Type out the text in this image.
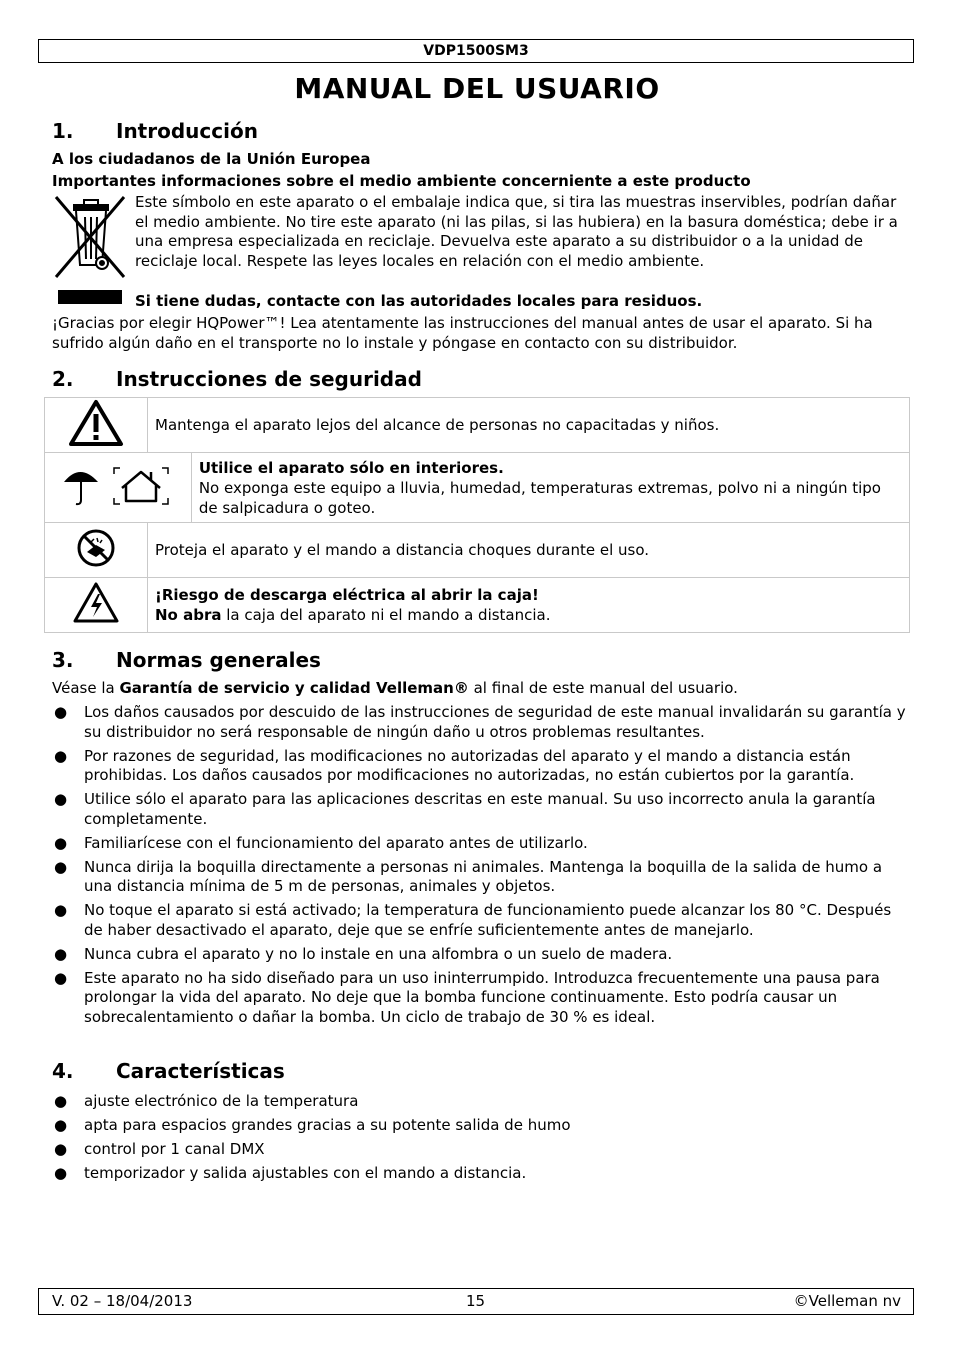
VDP1500SM3
MANUAL DEL USUARIO
1. Introducción
A los ciudadanos de la Unión Europea
Importantes informaciones sobre el medio ambiente concerniente a este producto
Este símbolo en este aparato o el embalaje indica que, si tira las muestras inservibles, podrían dañar el medio ambiente. No tire este aparato (ni las pilas, si las hubiera) en la basura doméstica; debe ir a una empresa especializada en reciclaje. Devuelva este aparato a su distribuidor o a la unidad de reciclaje local. Respete las leyes locales en relación con el medio ambiente.
Si tiene dudas, contacte con las autoridades locales para residuos.
¡Gracias por elegir HQPower™! Lea atentamente las instrucciones del manual antes de usar el aparato. Si ha sufrido algún daño en el transporte no lo instale y póngase en contacto con su distribuidor.
2. Instrucciones de seguridad
	Mantenga el aparato lejos del alcance de personas no capacitadas y niños.	

Utilice el aparato sólo en interiores.
No exponga este equipo a lluvia, humedad, temperaturas extremas, polvo ni a ningún tipo de salpicadura o goteo.

	Proteja el aparato y el mando a distancia choques durante el uso.	

¡Riesgo de descarga eléctrica al abrir la caja!
No abra la caja del aparato ni el mando a distancia.	
3. Normas generales
Véase la Garantía de servicio y calidad Velleman® al final de este manual del usuario.
● Los daños causados por descuido de las instrucciones de seguridad de este manual invalidarán su garantía y su distribuidor no será responsable de ningún daño u otros problemas resultantes.
● Por razones de seguridad, las modificaciones no autorizadas del aparato y el mando a distancia están prohibidas. Los daños causados por modificaciones no autorizadas, no están cubiertos por la garantía.
● Utilice sólo el aparato para las aplicaciones descritas en este manual. Su uso incorrecto anula la garantía completamente.
● Familiarícese con el funcionamiento del aparato antes de utilizarlo.
● Nunca dirija la boquilla directamente a personas ni animales. Mantenga la boquilla de la salida de humo a una distancia mínima de 5 m de personas, animales y objetos.
● No toque el aparato si está activado; la temperatura de funcionamiento puede alcanzar los 80 °C. Después de haber desactivado el aparato, deje que se enfríe suficientemente antes de manejarlo.
● Nunca cubra el aparato y no lo instale en una alfombra o un suelo de madera.
● Este aparato no ha sido diseñado para un uso ininterrumpido. Introduzca frecuentemente una pausa para prolongar la vida del aparato. No deje que la bomba funcione continuamente. Esto podría causar un sobrecalentamiento o dañar la bomba. Un ciclo de trabajo de 30 % es ideal.
4. Características
● ajuste electrónico de la temperatura
● apta para espacios grandes gracias a su potente salida de humo
● control por 1 canal DMX
● temporizador y salida ajustables con el mando a distancia.
V. 02 – 18/04/2013	15	©Velleman nv
